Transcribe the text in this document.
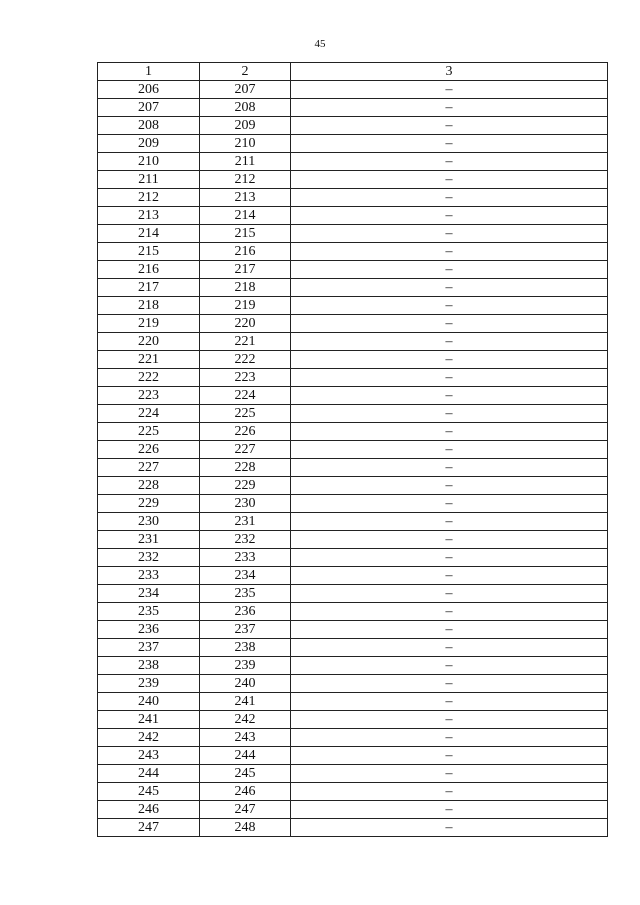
45
1	2	3
206	207	–
207	208	–
208	209	–
209	210	–
210	211	–
211	212	–
212	213	–
213	214	–
214	215	–
215	216	–
216	217	–
217	218	–
218	219	–
219	220	–
220	221	–
221	222	–
222	223	–
223	224	–
224	225	–
225	226	–
226	227	–
227	228	–
228	229	–
229	230	–
230	231	–
231	232	–
232	233	–
233	234	–
234	235	–
235	236	–
236	237	–
237	238	–
238	239	–
239	240	–
240	241	–
241	242	–
242	243	–
243	244	–
244	245	–
245	246	–
246	247	–
247	248	–
